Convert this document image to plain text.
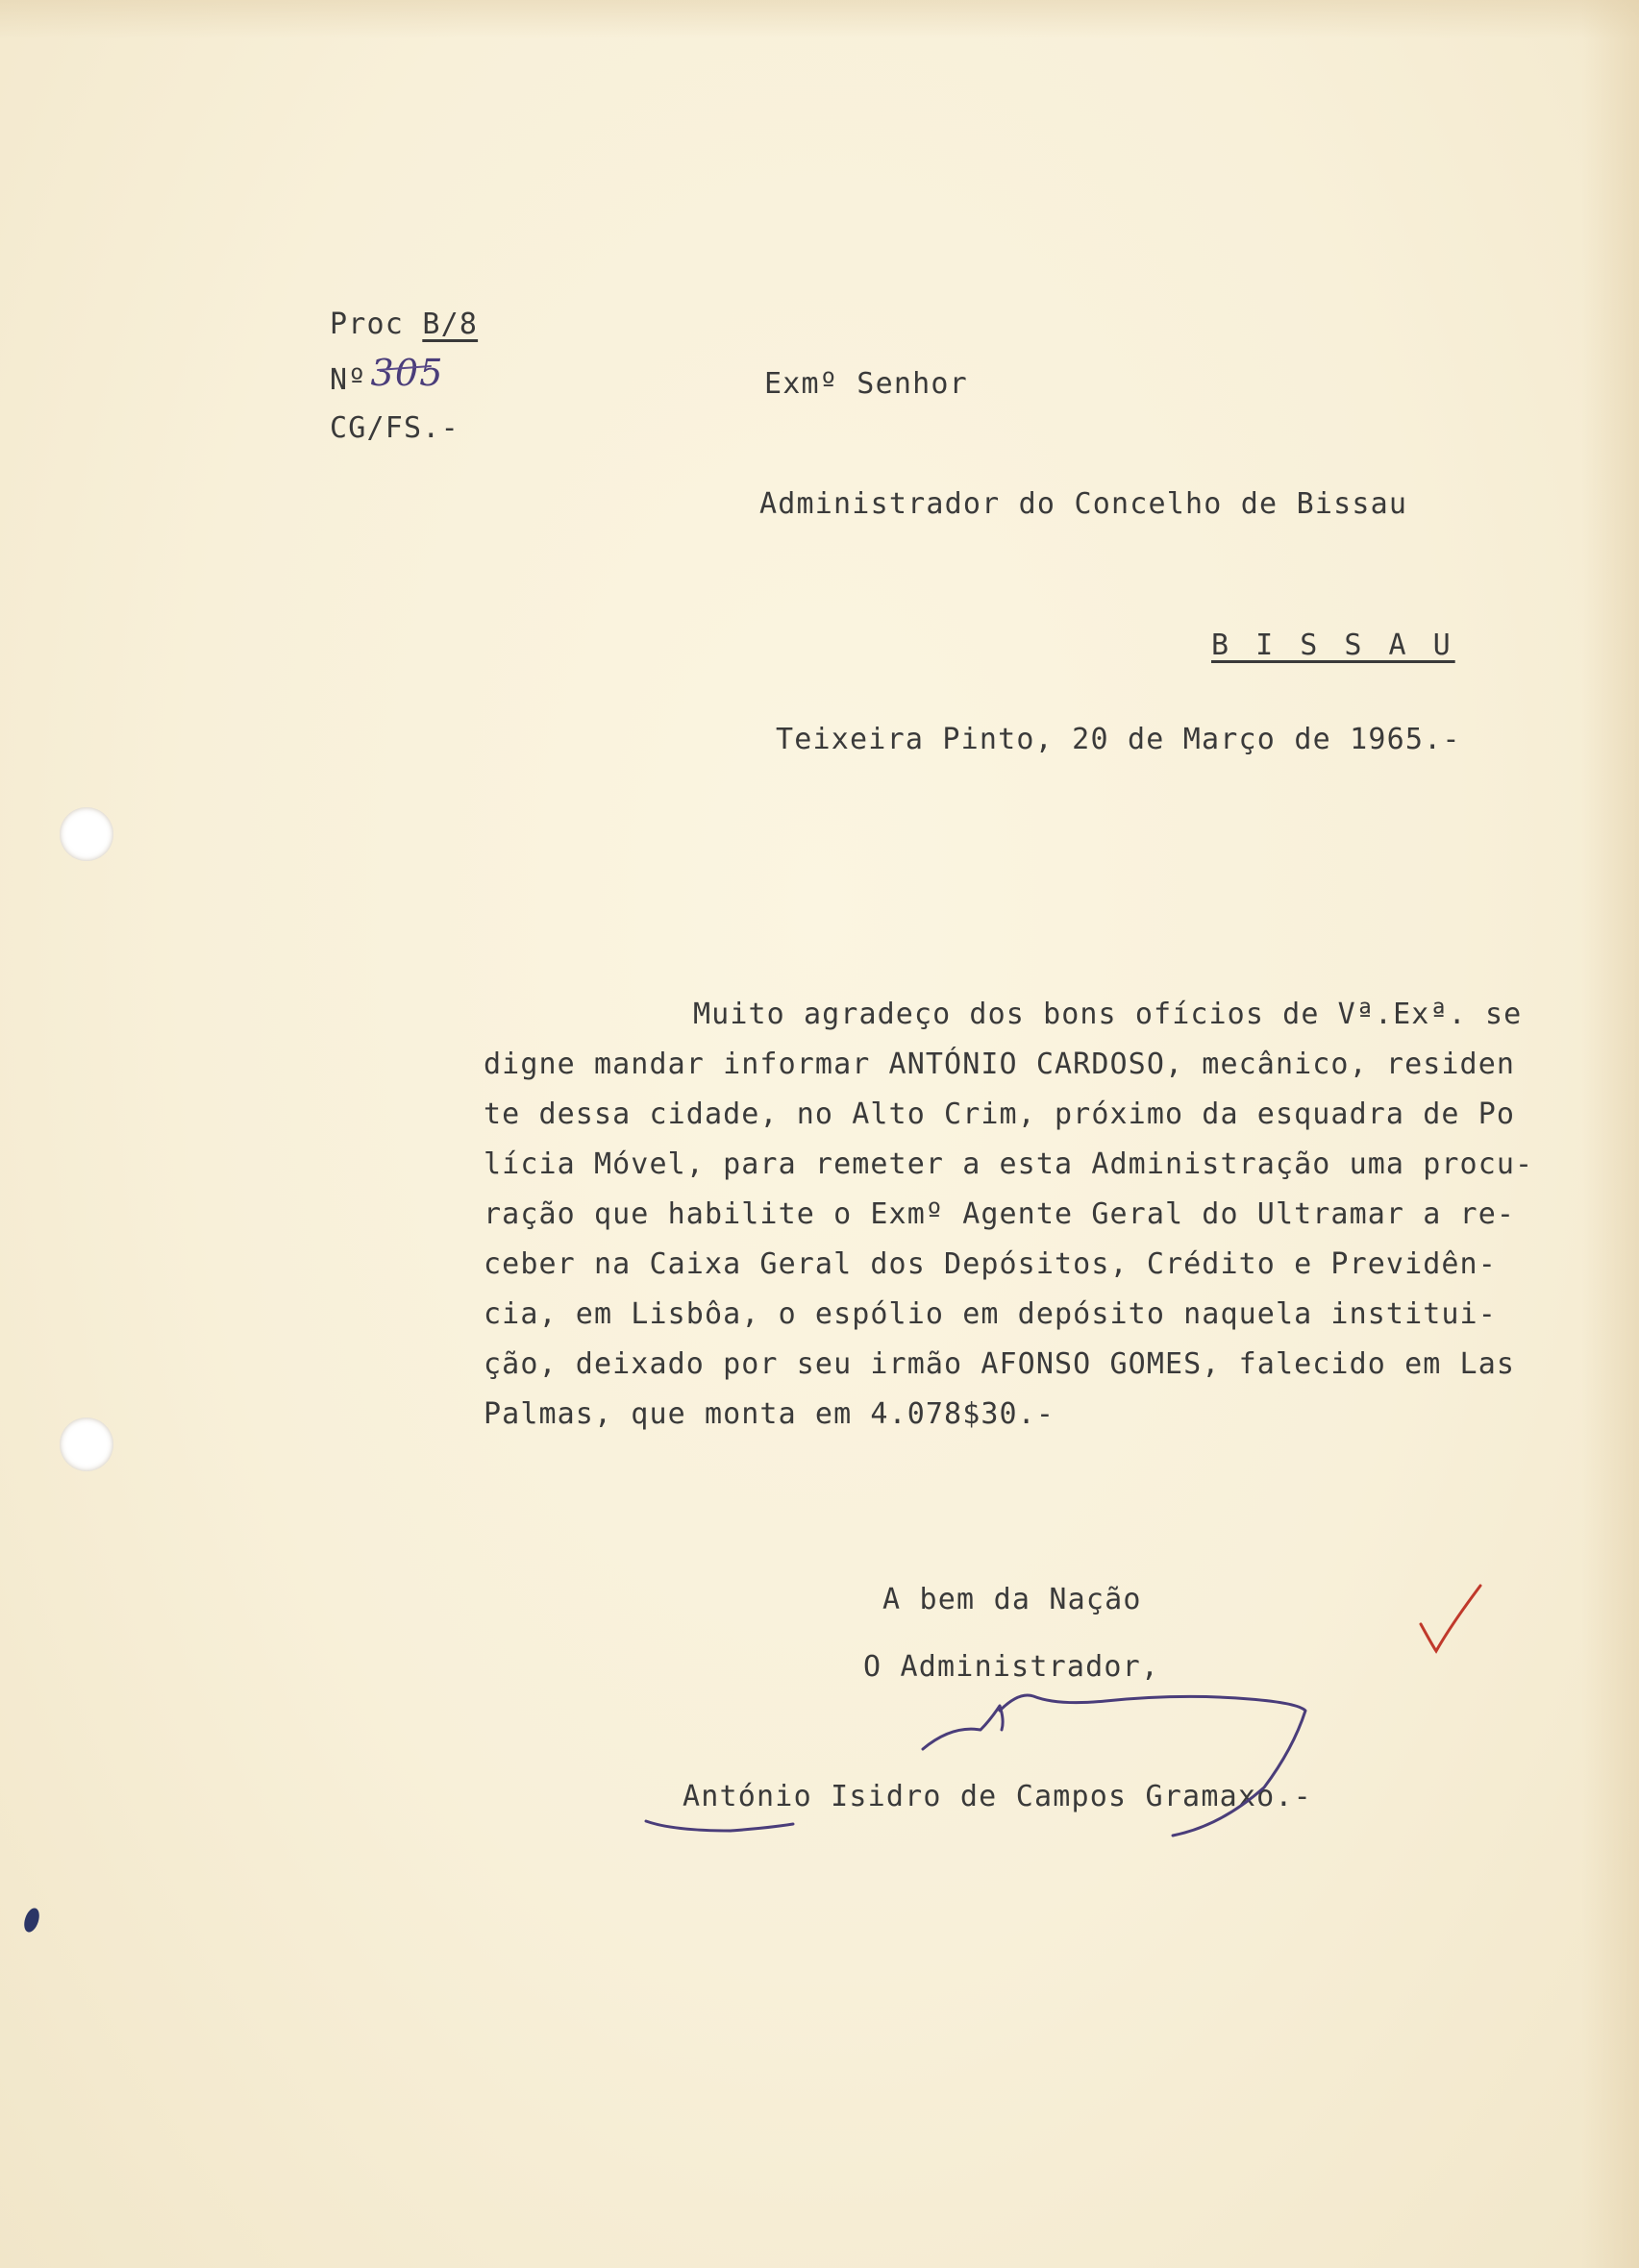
Proc B/8
Nº 305
CG/FS.-
Exmº Senhor
Administrador do Concelho de Bissau
B I S S A U
Teixeira Pinto, 20 de Março de 1965.-
Muito agradeço dos bons ofícios de Vª.Exª. se
digne mandar informar ANTÓNIO CARDOSO, mecânico, residen
te dessa cidade, no Alto Crim, próximo da esquadra de Po
lícia Móvel, para remeter a esta Administração uma procu-
ração que habilite o Exmº Agente Geral do Ultramar a re-
ceber na Caixa Geral dos Depósitos, Crédito e Previdên-
cia, em Lisbôa, o espólio em depósito naquela institui-
ção, deixado por seu irmão AFONSO GOMES, falecido em Las
Palmas, que monta em 4.078$30.-
A bem da Nação
O Administrador,
António Isidro de Campos Gramaxo.-
